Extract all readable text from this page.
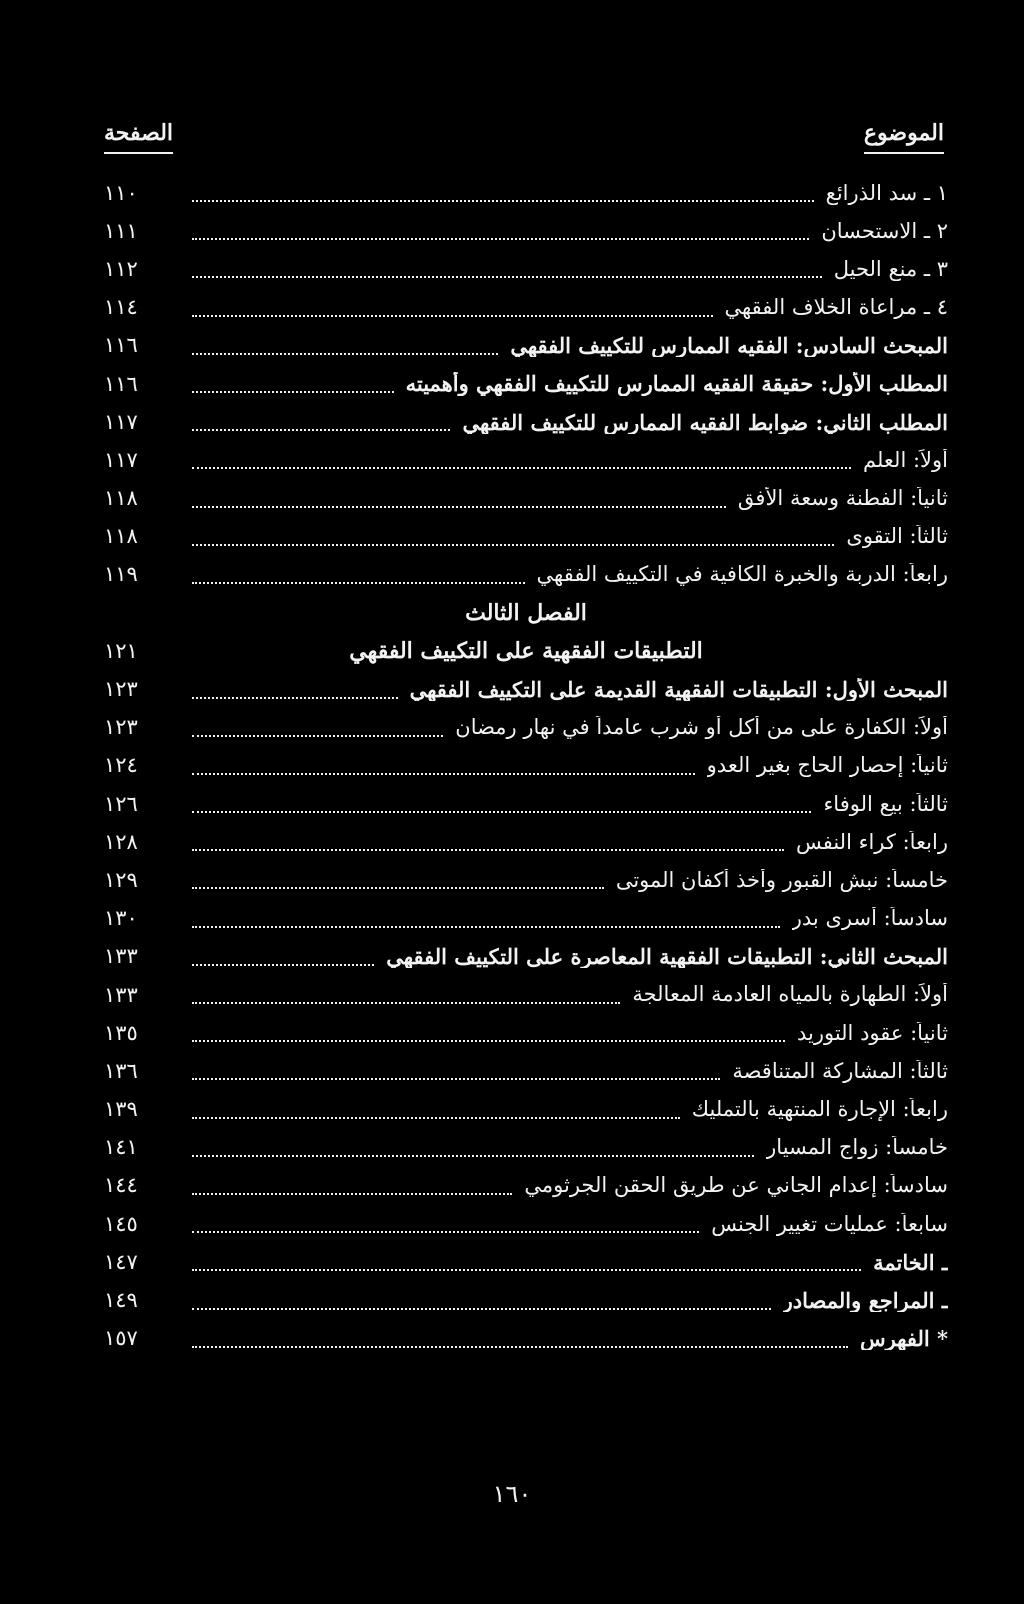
الصفحة	الموضوع
١ ـ سد الذرائع
١١٠
٢ ـ الاستحسان
١١١
٣ ـ منع الحيل
١١٢
٤ ـ مراعاة الخلاف الفقهي
١١٤
المبحث السادس: الفقيه الممارس للتكييف الفقهي
١١٦
المطلب الأول: حقيقة الفقيه الممارس للتكييف الفقهي وأهميته
١١٦
المطلب الثاني: ضوابط الفقيه الممارس للتكييف الفقهي
١١٧
أولاً: العلم
١١٧
ثانياً: الفطنة وسعة الأفق
١١٨
ثالثاً: التقوى
١١٨
رابعاً: الدربة والخبرة الكافية في التكييف الفقهي
١١٩
الفصل الثالث
التطبيقات الفقهية على التكييف الفقهي
١٢١
المبحث الأول: التطبيقات الفقهية القديمة على التكييف الفقهي
١٢٣
أولاً: الكفارة على من أكل أو شرب عامداً في نهار رمضان
١٢٣
ثانياً: إحصار الحاج بغير العدو
١٢٤
ثالثاً: بيع الوفاء
١٢٦
رابعاً: كراء النفس
١٢٨
خامساً: نبش القبور وأخذ أكفان الموتى
١٢٩
سادساً: أسرى بدر
١٣٠
المبحث الثاني: التطبيقات الفقهية المعاصرة على التكييف الفقهي
١٣٣
أولاً: الطهارة بالمياه العادمة المعالجة
١٣٣
ثانياً: عقود التوريد
١٣٥
ثالثاً: المشاركة المتناقصة
١٣٦
رابعاً: الإجارة المنتهية بالتمليك
١٣٩
خامساً: زواج المسيار
١٤١
سادساً: إعدام الجاني عن طريق الحقن الجرثومي
١٤٤
سابعاً: عمليات تغيير الجنس
١٤٥
ـ الخاتمة
١٤٧
ـ المراجع والمصادر
١٤٩
* الفهرس
١٥٧
١٦٠
